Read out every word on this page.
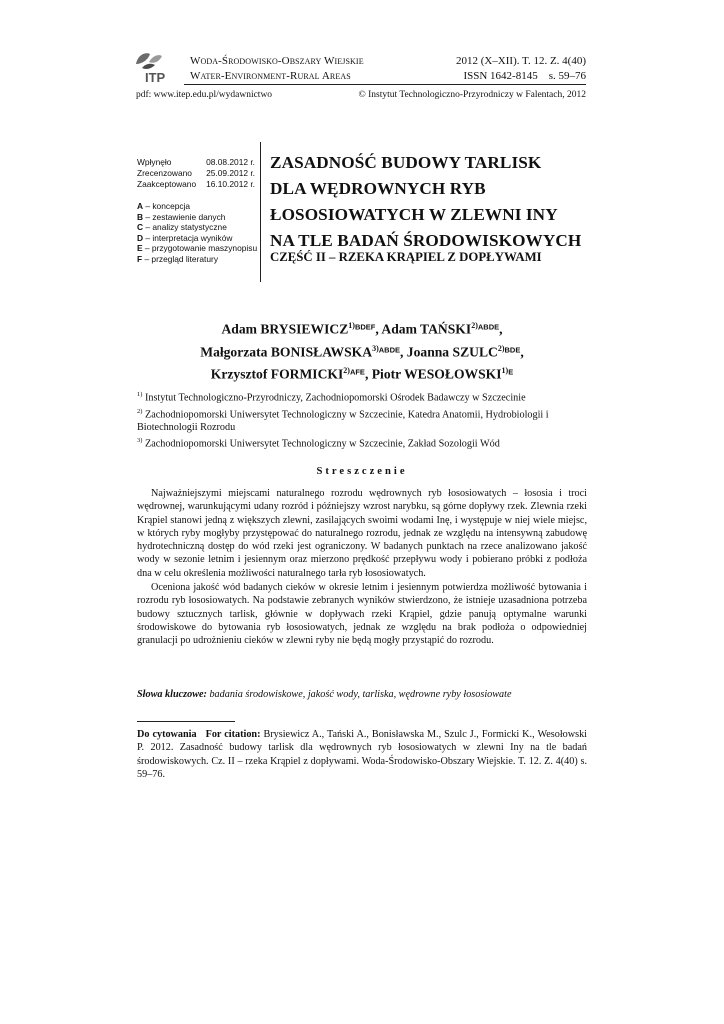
ITP
Woda-Środowisko-Obszary Wiejskie
Water-Environment-Rural Areas
2012 (X–XII). T. 12. Z. 4(40)
ISSN 1642-8145    s. 59–76
pdf: www.itep.edu.pl/wydawnictwo	© Instytut Technologiczno-Przyrodniczy w Falentach, 2012
Wpłynęło	08.08.2012 r.
Zrecenzowano 25.09.2012 r.
Zaakceptowano 16.10.2012 r.
A – koncepcja
B – zestawienie danych
C – analizy statystyczne
D – interpretacja wyników
E – przygotowanie maszynopisu
F – przegląd literatury
ZASADNOŚĆ BUDOWY TARLISK
DLA WĘDROWNYCH RYB
ŁOSOSIOWATYCH W ZLEWNI INY
NA TLE BADAŃ ŚRODOWISKOWYCH
CZĘŚĆ II – RZEKA KRĄPIEL Z DOPŁYWAMI
Adam $BRYSIEWICZ^{1)BDEF}$, Adam $TAŃSKI^{2)ABDE}$,
Małgorzata $BONISŁAWSKA^{3)ABDE}$, Joanna $SZULC^{2)BDE}$,
Krzysztof $FORMICKI^{2)AFE}$, Piotr $WESOŁOWSKI^{1)E}$
$^{1)}$ Instytut Technologiczno-Przyrodniczy, Zachodniopomorski Ośrodek Badawczy w Szczecinie
$^{2)}$ Zachodniopomorski Uniwersytet Technologiczny w Szczecinie, Katedra Anatomii, Hydrobiologii i Biotechnologii Rozrodu
$^{3)}$ Zachodniopomorski Uniwersytet Technologiczny w Szczecinie, Zakład Sozologii Wód
Streszczenie

Najważniejszymi miejscami naturalnego rozrodu wędrownych ryb łososiowatych – łososia i troci wędrownej, warunkującymi udany rozród i późniejszy wzrost narybku, są górne dopływy rzek. Zlewnia rzeki Krąpiel stanowi jedną z większych zlewni, zasilających swoimi wodami Inę, i występuje w niej wiele miejsc, w których ryby mogłyby przystępować do naturalnego rozrodu, jednak ze względu na intensywną zabudowę hydrotechniczną dostęp do wód rzeki jest ograniczony. W badanych punktach na rzece analizowano jakość wody w sezonie letnim i jesiennym oraz mierzono prędkość przepływu wody i pobierano próbki z podłoża dna w celu określenia możliwości naturalnego tarła ryb łososiowatych.

Oceniona jakość wód badanych cieków w okresie letnim i jesiennym potwierdza możliwość bytowania i rozrodu ryb łososiowatych. Na podstawie zebranych wyników stwierdzono, że istnieje uzasadniona potrzeba budowy sztucznych tarlisk, głównie w dopływach rzeki Krąpiel, gdzie panują optymalne warunki środowiskowe do bytowania ryb łososiowatych, jednak ze względu na brak podłoża o odpowiedniej granulacji po udrożnieniu cieków w zlewni ryby nie będą mogły przystąpić do rozrodu.

Słowa kluczowe: badania środowiskowe, jakość wody, tarliska, wędrowne ryby łososiowate
Do cytowania   For citation: Brysiewicz A., Tański A., Bonisławska M., Szulc J., Formicki K., Wesołowski P. 2012. Zasadność budowy tarlisk dla wędrownych ryb łososiowatych w zlewni Iny na tle badań środowiskowych. Cz. II – rzeka Krąpiel z dopływami. Woda-Środowisko-Obszary Wiejskie. T. 12. Z. 4(40) s. 59–76.
